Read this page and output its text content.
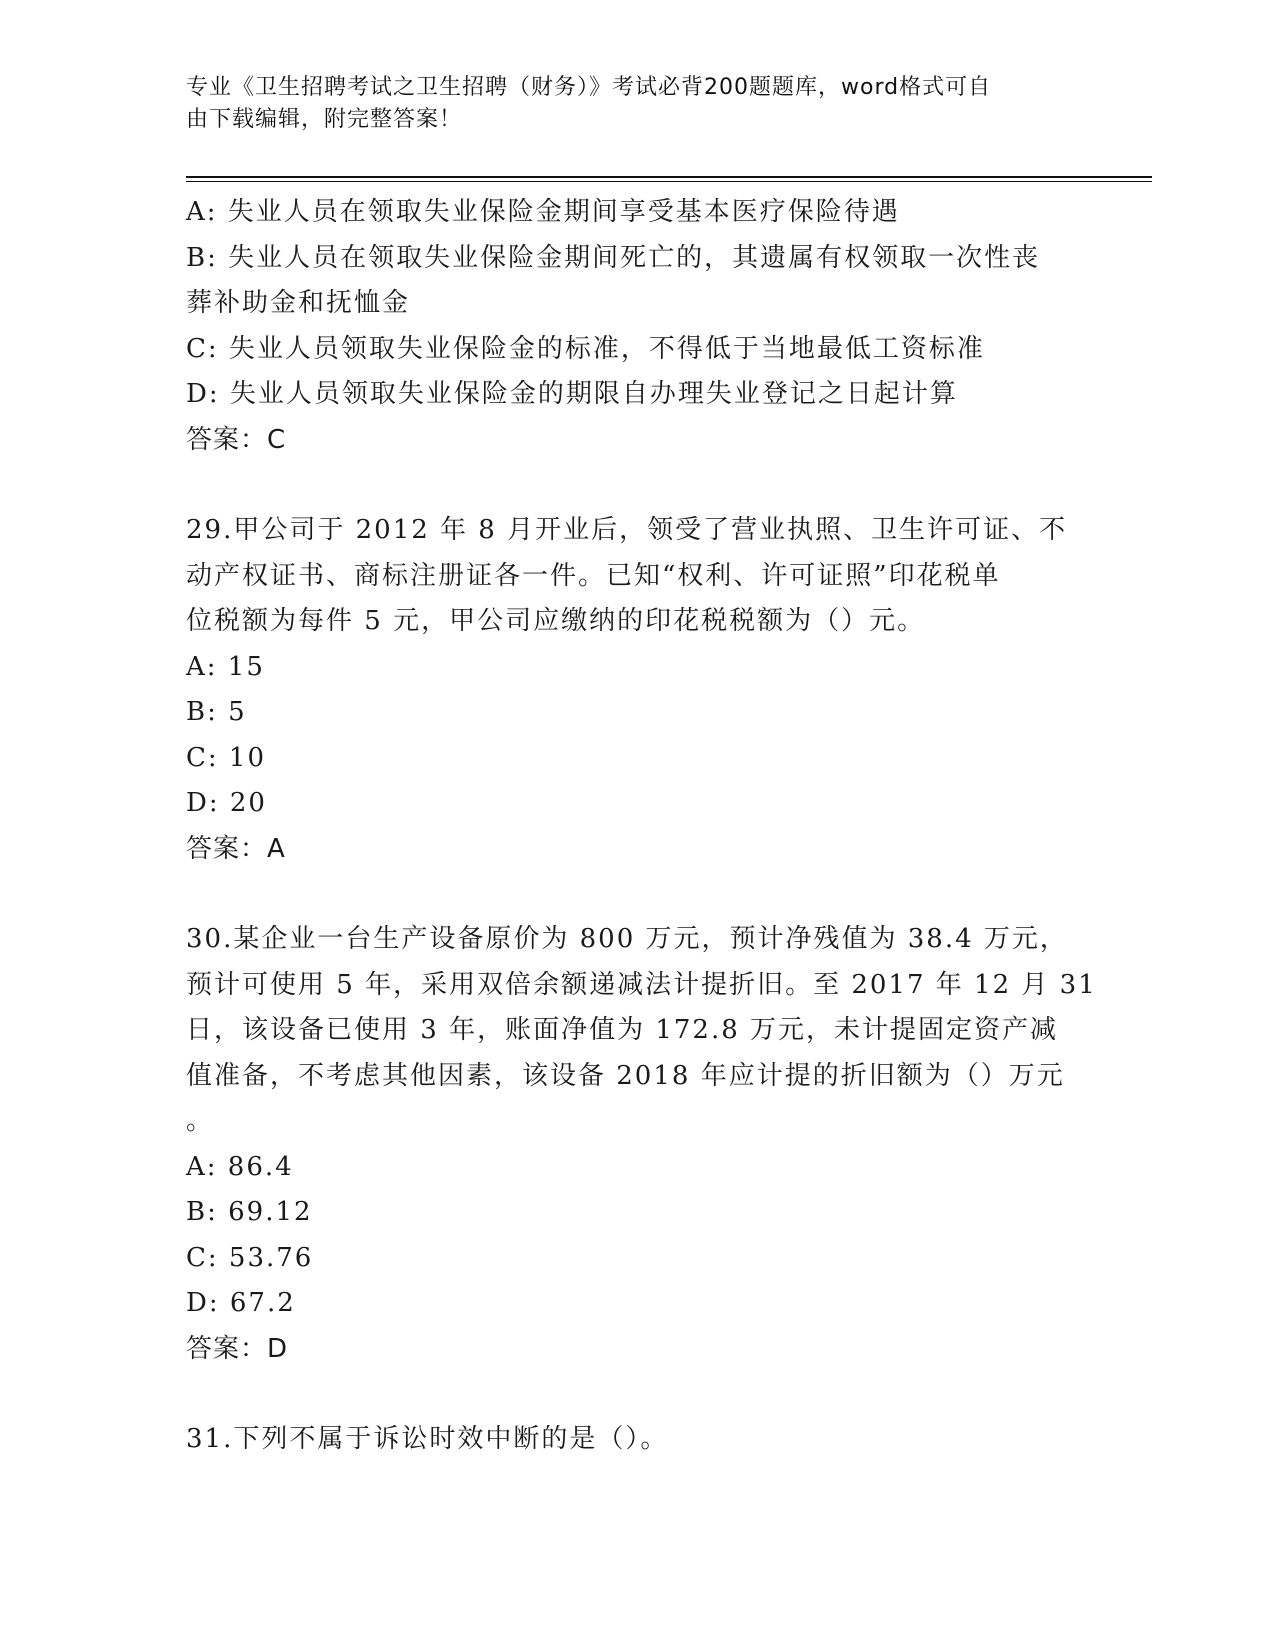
专业《卫生招聘考试之卫生招聘（财务）》考试必背200题题库，word格式可自
由下载编辑，附完整答案！
A: 失业人员在领取失业保险金期间享受基本医疗保险待遇
B: 失业人员在领取失业保险金期间死亡的，其遗属有权领取一次性丧
葬补助金和抚恤金
C: 失业人员领取失业保险金的标准，不得低于当地最低工资标准
D: 失业人员领取失业保险金的期限自办理失业登记之日起计算
答案：C
29.甲公司于 2012 年 8 月开业后，领受了营业执照、卫生许可证、不
动产权证书、商标注册证各一件。已知“权利、许可证照”印花税单
位税额为每件 5 元，甲公司应缴纳的印花税税额为（）元。
A: 15
B: 5
C: 10
D: 20
答案：A
30.某企业一台生产设备原价为 800 万元，预计净残值为 38.4 万元，
预计可使用 5 年，采用双倍余额递减法计提折旧。至 2017 年 12 月 31
日，该设备已使用 3 年，账面净值为 172.8 万元，未计提固定资产减
值准备，不考虑其他因素，该设备 2018 年应计提的折旧额为（）万元
。
A: 86.4
B: 69.12
C: 53.76
D: 67.2
答案：D
31.下列不属于诉讼时效中断的是（）。
